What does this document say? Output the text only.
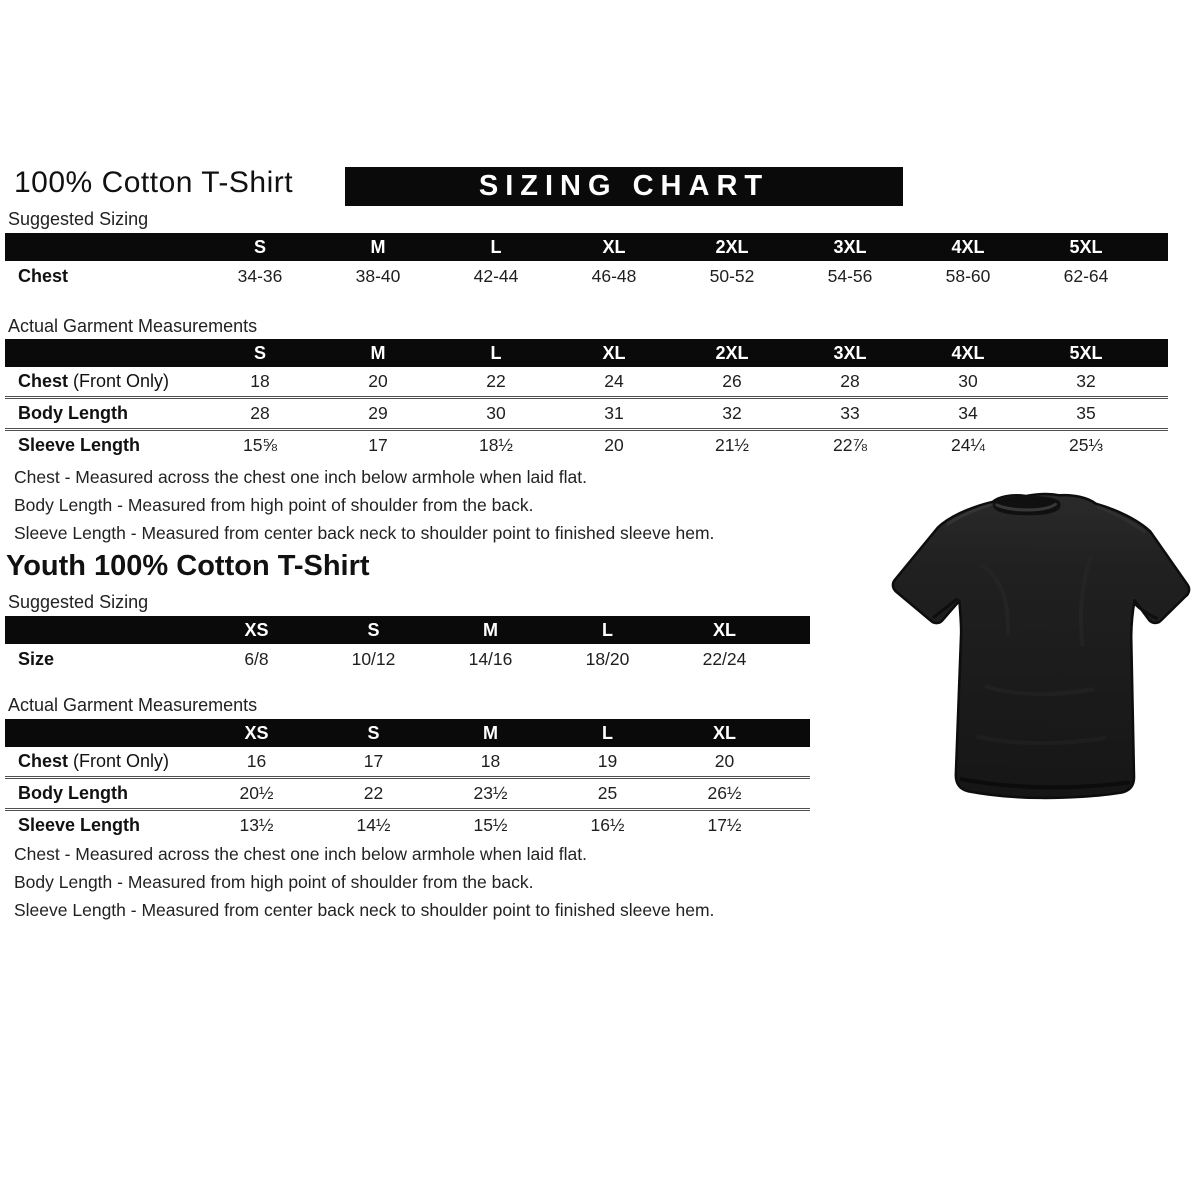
100% Cotton T-Shirt	SIZING CHART
Suggested Sizing
S	M	L	XL	2XL	3XL	4XL	5XL
Chest	34-36	38-40	42-44	46-48	50-52	54-56	58-60	62-64
Actual Garment Measurements
S	M	L	XL	2XL	3XL	4XL	5XL
Chest (Front Only)	18	20	22	24	26	28	30	32
Body Length	28	29	30	31	32	33	34	35
Sleeve Length	15⅝	17	18½	20	21½	22⅞	24¼	25⅓
Chest - Measured across the chest one inch below armhole when laid flat.
Body Length - Measured from high point of shoulder from the back.
Sleeve Length - Measured from center back neck to shoulder point to finished sleeve hem.
Youth 100% Cotton T-Shirt
Suggested Sizing
XS	S	M	L	XL
Size	6/8	10/12	14/16	18/20	22/24
Actual Garment Measurements
XS	S	M	L	XL
Chest (Front Only)	16	17	18	19	20
Body Length	20½	22	23½	25	26½
Sleeve Length	13½	14½	15½	16½	17½
Chest - Measured across the chest one inch below armhole when laid flat.
Body Length - Measured from high point of shoulder from the back.
Sleeve Length - Measured from center back neck to shoulder point to finished sleeve hem.
